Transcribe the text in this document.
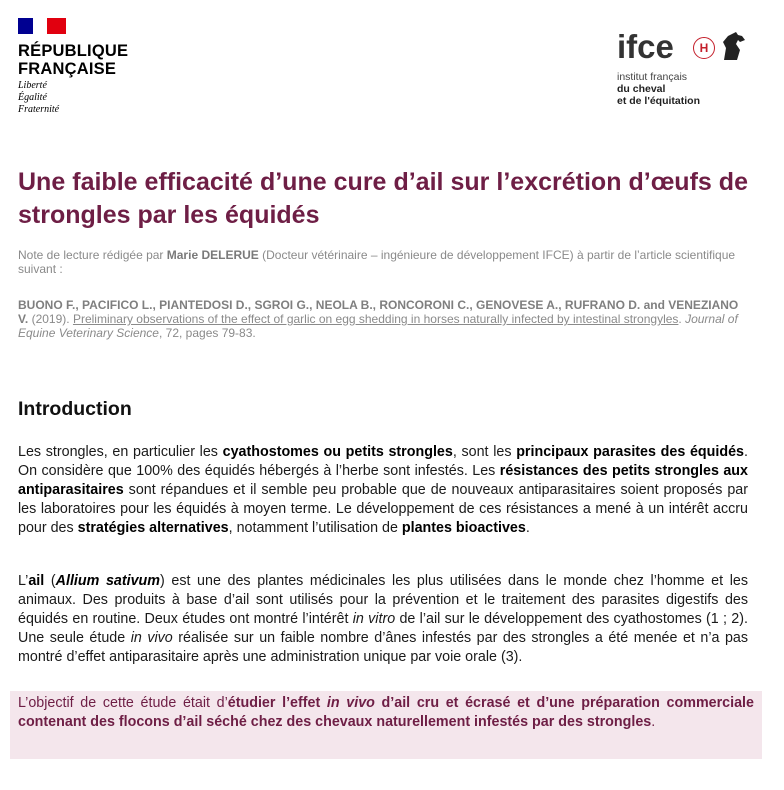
RÉPUBLIQUE
FRANÇAISE
Liberté
Égalité
Fraternité
ifce	H
institut français
du cheval
et de l'équitation
Une faible efficacité d’une cure d’ail sur l’excrétion d’œufs de strongles par les équidés

Note de lecture rédigée par Marie DELERUE (Docteur vétérinaire – ingénieure de développement IFCE) à partir de l’article scientifique suivant :

BUONO F., PACIFICO L., PIANTEDOSI D., SGROI G., NEOLA B., RONCORONI C., GENOVESE A., RUFRANO D. and VENEZIANO V. (2019). Preliminary observations of the effect of garlic on egg shedding in horses naturally infected by intestinal strongyles. Journal of Equine Veterinary Science, 72, pages 79-83.

Introduction

Les strongles, en particulier les cyathostomes ou petits strongles, sont les principaux parasites des équidés. On considère que 100% des équidés hébergés à l’herbe sont infestés. Les résistances des petits strongles aux antiparasitaires sont répandues et il semble peu probable que de nouveaux antiparasitaires soient proposés par les laboratoires pour les équidés à moyen terme. Le développement de ces résistances a mené à un intérêt accru pour des stratégies alternatives, notamment l’utilisation de plantes bioactives.

L’ail (Allium sativum) est une des plantes médicinales les plus utilisées dans le monde chez l’homme et les animaux. Des produits à base d’ail sont utilisés pour la prévention et le traitement des parasites digestifs des équidés en routine. Deux études ont montré l’intérêt in vitro de l’ail sur le développement des cyathostomes (1 ; 2). Une seule étude in vivo réalisée sur un faible nombre d’ânes infestés par des strongles a été menée et n’a pas montré d’effet antiparasitaire après une administration unique par voie orale (3).

L’objectif de cette étude était d’étudier l’effet in vivo d’ail cru et écrasé et d’une préparation commerciale contenant des flocons d’ail séché chez des chevaux naturellement infestés par des strongles.
